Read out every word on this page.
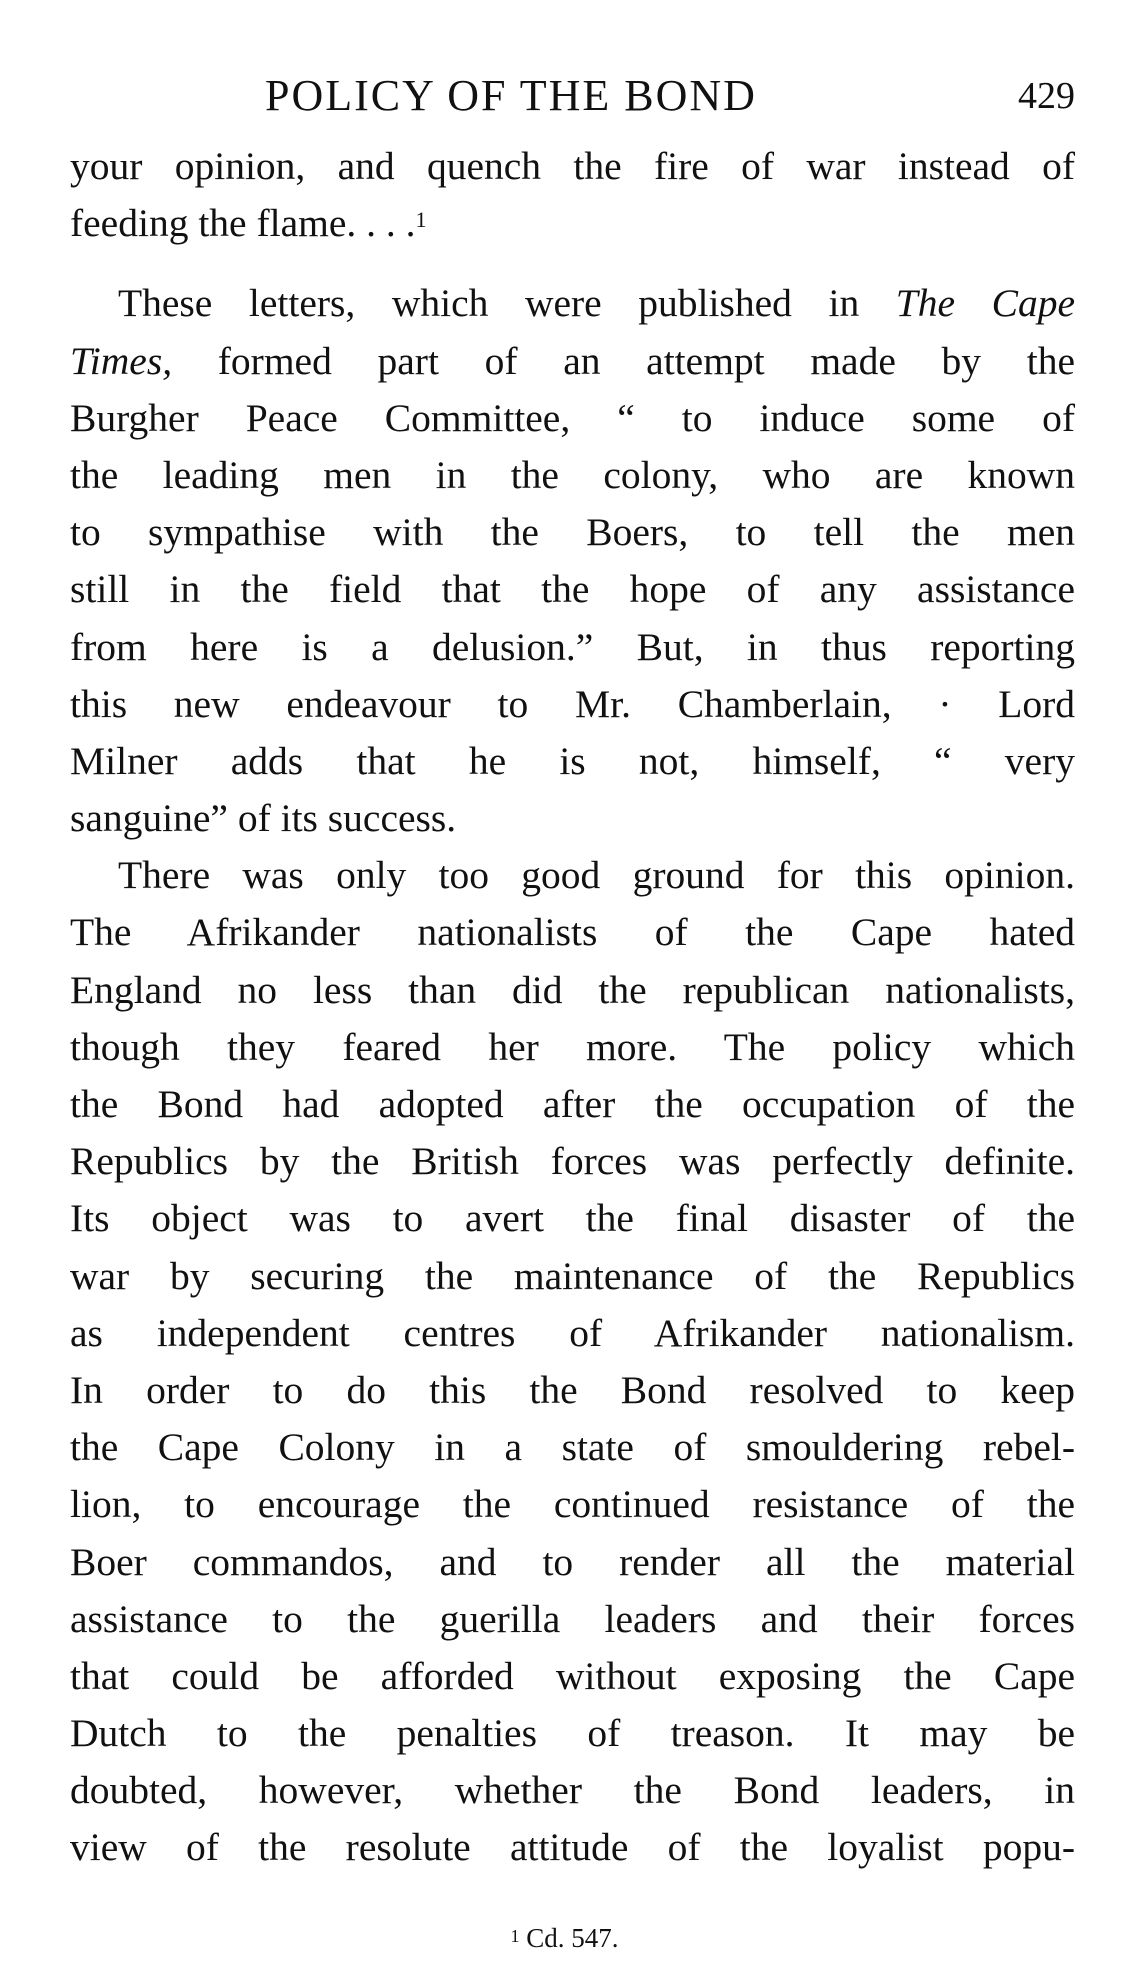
POLICY OF THE BOND	429
your opinion, and quench the fire of war instead of
feeding the flame. . . .$^1$
These letters, which were published in The Cape
Times, formed part of an attempt made by the
Burgher Peace Committee, “ to induce some of
the leading men in the colony, who are known
to sympathise with the Boers, to tell the men
still in the field that the hope of any assistance
from here is a delusion.” But, in thus reporting
this new endeavour to Mr. Chamberlain, · Lord
Milner adds that he is not, himself, “ very
sanguine” of its success.
There was only too good ground for this opinion.
The Afrikander nationalists of the Cape hated
England no less than did the republican nationalists,
though they feared her more. The policy which
the Bond had adopted after the occupation of the
Republics by the British forces was perfectly definite.
Its object was to avert the final disaster of the
war by securing the maintenance of the Republics
as independent centres of Afrikander nationalism.
In order to do this the Bond resolved to keep
the Cape Colony in a state of smouldering rebel-
lion, to encourage the continued resistance of the
Boer commandos, and to render all the material
assistance to the guerilla leaders and their forces
that could be afforded without exposing the Cape
Dutch to the penalties of treason. It may be
doubted, however, whether the Bond leaders, in
view of the resolute attitude of the loyalist popu-
$^1$ Cd. 547.
